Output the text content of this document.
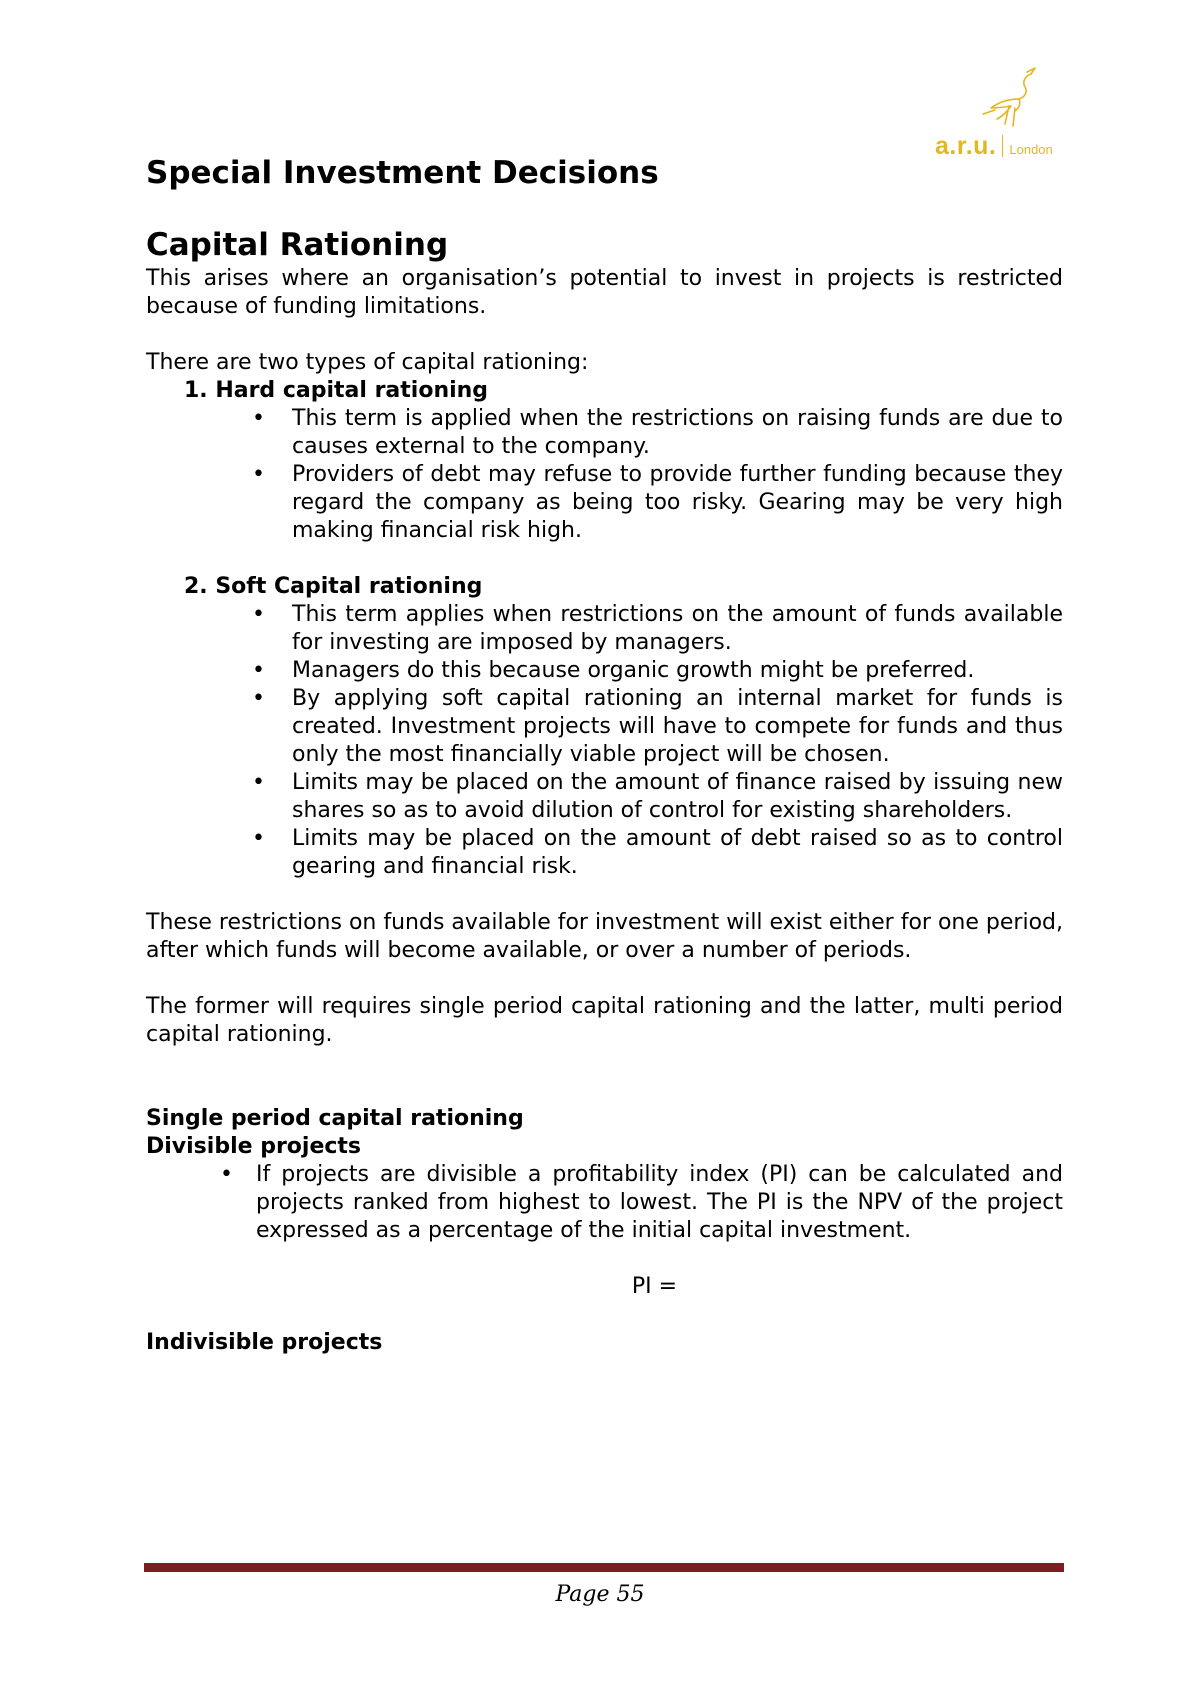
a.r.u. London
Special Investment Decisions
Capital Rationing

This arises where an organisation’s potential to invest in projects is restricted because of funding limitations.

There are two types of capital rationing:

1. Hard capital rationing
• This term is applied when the restrictions on raising funds are due to causes external to the company.
• Providers of debt may refuse to provide further funding because they regard the company as being too risky. Gearing may be very high making financial risk high.
2. Soft Capital rationing
• This term applies when restrictions on the amount of funds available for investing are imposed by managers.
• Managers do this because organic growth might be preferred.
• By applying soft capital rationing an internal market for funds is created. Investment projects will have to compete for funds and thus only the most financially viable project will be chosen.
• Limits may be placed on the amount of finance raised by issuing new shares so as to avoid dilution of control for existing shareholders.
• Limits may be placed on the amount of debt raised so as to control gearing and financial risk.

These restrictions on funds available for investment will exist either for one period, after which funds will become available, or over a number of periods.

The former will requires single period capital rationing and the latter, multi period capital rationing.

Single period capital rationing
Divisible projects
• If projects are divisible a profitability index (PI) can be calculated and projects ranked from highest to lowest. The PI is the NPV of the project expressed as a percentage of the initial capital investment.
PI =
Indivisible projects
Page 55
